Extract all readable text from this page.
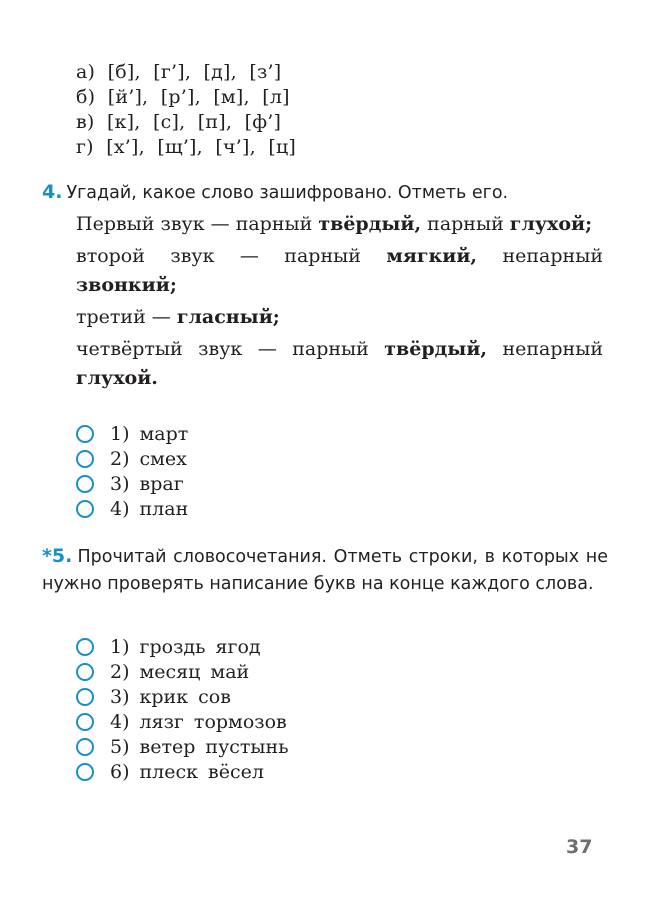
а)  [б],  [г’],  [д],  [з’]
б)  [й’],  [р’],  [м],  [л]
в)  [к],  [с],  [п],  [ф’]
г)  [х’],  [щ’],  [ч’],  [ц]
4. Угадай, какое слово зашифровано. Отметь его.
Первый звук — парный твёрдый, парный глухой;
второй звук — парный мягкий, непарный звонкий;
третий — гласный;
четвёртый звук — парный твёрдый, непарный глухой.
1) март
2) смех
3) враг
4) план
*5. Прочитай словосочетания. Отметь строки, в которых не нужно проверять написание букв на конце каждого слова.
1) гроздь ягод
2) месяц май
3) крик сов
4) лязг тормозов
5) ветер пустынь
6) плеск вёсел
37
